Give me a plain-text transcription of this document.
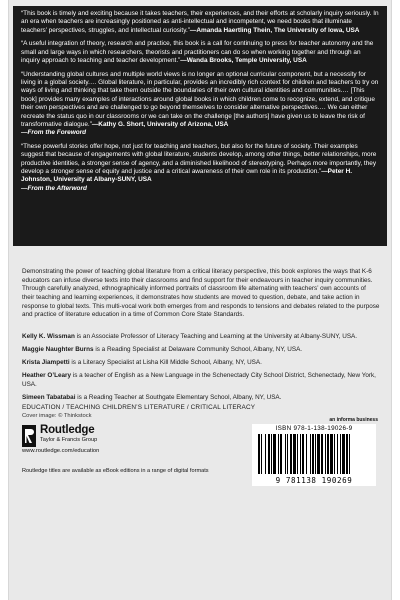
“This book is timely and exciting because it takes teachers, their experiences, and their efforts at scholarly inquiry seriously. In an era when teachers are increasingly positioned as anti-intellectual and incompetent, we need books that illuminate teachers’ perspectives, struggles, and intellectual curiosity.”—Amanda Haertling Thein, The University of Iowa, USA
“A useful integration of theory, research and practice, this book is a call for continuing to press for teacher autonomy and the small and large ways in which researchers, theorists and practitioners can do so when working together and through an inquiry approach to teaching and teacher development.”—Wanda Brooks, Temple University, USA
“Understanding global cultures and multiple world views is no longer an optional curricular component, but a necessity for living in a global society.… Global literature, in particular, provides an incredibly rich context for children and teachers to try on ways of living and thinking that take them outside the boundaries of their own cultural identities and communities.… [This book] provides many examples of interactions around global books in which children come to recognize, extend, and critique their own perspectives and are challenged to go beyond themselves to consider alternative perspectives.… We can either recreate the status quo in our classrooms or we can take on the challenge [the authors] have given us to leave the risk of transformative dialogue.”—Kathy G. Short, University of Arizona, USA
—From the Foreword
“These powerful stories offer hope, not just for teaching and teachers, but also for the future of society. Their examples suggest that because of engagements with global literature, students develop, among other things, better relationships, more productive identities, a stronger sense of agency, and a diminished likelihood of stereotyping. Perhaps more importantly, they develop a stronger sense of equity and justice and a critical awareness of their own role in its production.”—Peter H. Johnston, University at Albany-SUNY, USA
—From the Afterword
Demonstrating the power of teaching global literature from a critical literacy perspective, this book explores the ways that K-6 educators can infuse diverse texts into their classrooms and find support for their endeavours in teacher inquiry communities. Through carefully analyzed, ethnographically informed portraits of classroom life alternating with teachers’ own accounts of their teaching and learning experiences, it demonstrates how students are moved to question, debate, and take action in response to global texts. This multi-vocal work both emerges from and responds to tensions and debates related to the purpose and practice of literature education in a time of Common Core State Standards.
Kelly K. Wissman is an Associate Professor of Literacy Teaching and Learning at the University at Albany-SUNY, USA.
Maggie Naughter Burns is a Reading Specialist at Delaware Community School, Albany, NY, USA.
Krista Jiampetti is a Literacy Specialist at Lisha Kill Middle School, Albany, NY, USA.
Heather O’Leary is a teacher of English as a New Language in the Schenectady City School District, Schenectady, New York, USA.
Simeen Tabatabai is a Reading Teacher at Southgate Elementary School, Albany, NY, USA.
EDUCATION / TEACHING CHILDREN’S LITERATURE / CRITICAL LITERACY
Cover image: © Thinkstock
an informa business
Routledge
Taylor & Francis Group
www.routledge.com/education
Routledge titles are available as eBook editions in a range of digital formats
ISBN 978-1-138-19026-9
9 781138 190269
